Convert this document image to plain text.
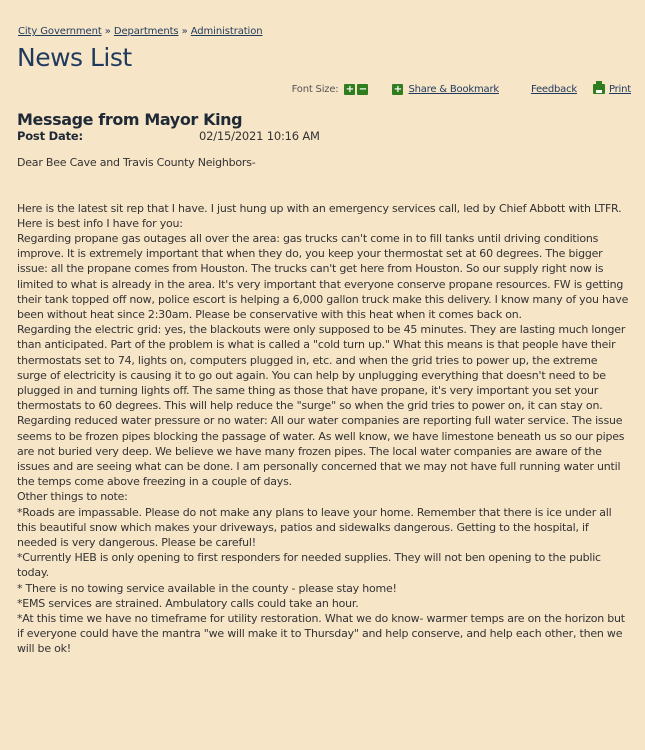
City Government » Departments » Administration
News List
Font Size: + −	+ Share & Bookmark	Feedback	Print
Message from Mayor King
Post Date:	02/15/2021 10:16 AM

Dear Bee Cave and Travis County Neighbors-

Here is the latest sit rep that I have. I just hung up with an emergency services call, led by Chief Abbott with LTFR. Here is best info I have for you:

Regarding propane gas outages all over the area: gas trucks can't come in to fill tanks until driving conditions improve. It is extremely important that when they do, you keep your thermostat set at 60 degrees. The bigger issue: all the propane comes from Houston. The trucks can't get here from Houston. So our supply right now is limited to what is already in the area. It's very important that everyone conserve propane resources. FW is getting their tank topped off now, police escort is helping a 6,000 gallon truck make this delivery. I know many of you have been without heat since 2:30am. Please be conservative with this heat when it comes back on.

Regarding the electric grid: yes, the blackouts were only supposed to be 45 minutes. They are lasting much longer than anticipated. Part of the problem is what is called a "cold turn up." What this means is that people have their thermostats set to 74, lights on, computers plugged in, etc. and when the grid tries to power up, the extreme surge of electricity is causing it to go out again. You can help by unplugging everything that doesn't need to be plugged in and turning lights off. The same thing as those that have propane, it's very important you set your thermostats to 60 degrees. This will help reduce the "surge" so when the grid tries to power on, it can stay on.

Regarding reduced water pressure or no water: All our water companies are reporting full water service. The issue seems to be frozen pipes blocking the passage of water. As well know, we have limestone beneath us so our pipes are not buried very deep. We believe we have many frozen pipes. The local water companies are aware of the issues and are seeing what can be done. I am personally concerned that we may not have full running water until the temps come above freezing in a couple of days.

Other things to note:

*Roads are impassable. Please do not make any plans to leave your home. Remember that there is ice under all this beautiful snow which makes your driveways, patios and sidewalks dangerous. Getting to the hospital, if needed is very dangerous. Please be careful!

*Currently HEB is only opening to first responders for needed supplies. They will not ben opening to the public today.

* There is no towing service available in the county - please stay home!

*EMS services are strained. Ambulatory calls could take an hour.

*At this time we have no timeframe for utility restoration. What we do know- warmer temps are on the horizon but if everyone could have the mantra "we will make it to Thursday" and help conserve, and help each other, then we will be ok!
